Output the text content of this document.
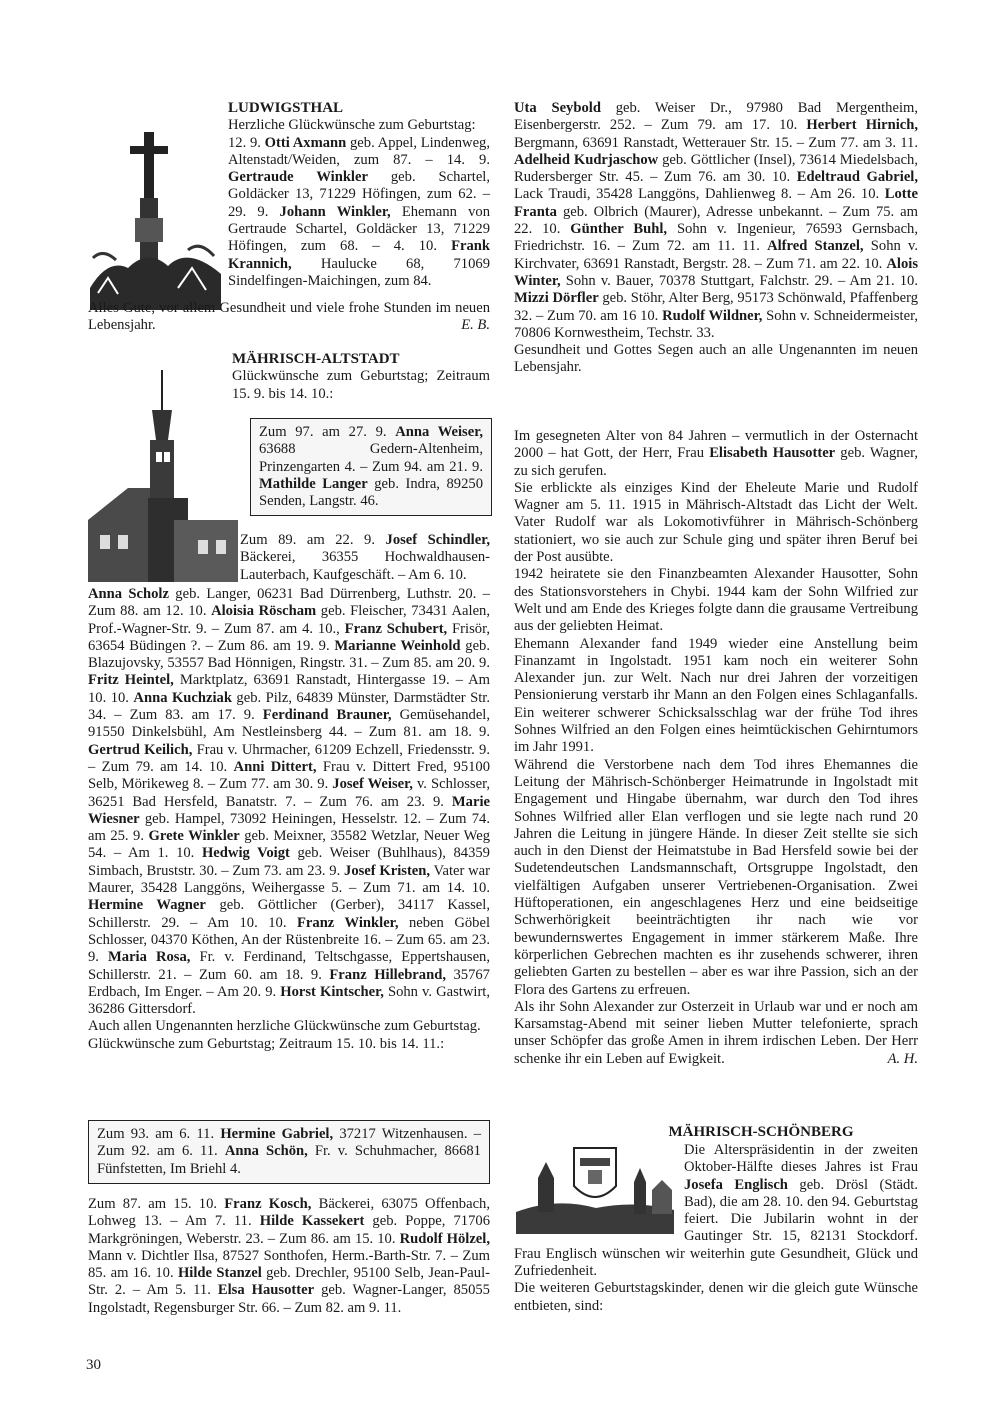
LUDWIGSTHAL

Herzliche Glückwünsche zum Geburtstag:

12. 9. Otti Axmann geb. Appel, Lindenweg, Altenstadt/Weiden, zum 87. – 14. 9. Gertraude Winkler geb. Schartel, Goldäcker 13, 71229 Höfingen, zum 62. – 29. 9. Johann Winkler, Ehemann von Gertraude Schartel, Goldäcker 13, 71229 Höfingen, zum 68. – 4. 10. Frank Krannich, Haulucke 68, 71069 Sindelfingen-Maichingen, zum 84.

Alles Gute, vor allem Gesundheit und viele frohe Stunden im neuen Lebensjahr.	E. B.

MÄHRISCH-ALTSTADT

Glückwünsche zum Geburtstag; Zeitraum 15. 9. bis 14. 10.:

Zum 97. am 27. 9. Anna Weiser, 63688 Gedern-Altenheim, Prinzengarten 4. – Zum 94. am 21. 9. Mathilde Langer geb. Indra, 89250 Senden, Langstr. 46.

Zum 89. am 22. 9. Josef Schindler, Bäckerei, 36355 Hochwaldhausen-Lauterbach, Kaufgeschäft. – Am 6. 10.

Anna Scholz geb. Langer, 06231 Bad Dürrenberg, Luthstr. 20. – Zum 88. am 12. 10. Aloisia Röscham geb. Fleischer, 73431 Aalen, Prof.-Wagner-Str. 9. – Zum 87. am 4. 10., Franz Schubert, Frisör, 63654 Büdingen ?. – Zum 86. am 19. 9. Marianne Weinhold geb. Blazujovsky, 53557 Bad Hönnigen, Ringstr. 31. – Zum 85. am 20. 9. Fritz Heintel, Marktplatz, 63691 Ranstadt, Hintergasse 19. – Am 10. 10. Anna Kuchziak geb. Pilz, 64839 Münster, Darmstädter Str. 34. – Zum 83. am 17. 9. Ferdinand Brauner, Gemüsehandel, 91550 Dinkelsbühl, Am Nestleinsberg 44. – Zum 81. am 18. 9. Gertrud Keilich, Frau v. Uhrmacher, 61209 Echzell, Friedensstr. 9. – Zum 79. am 14. 10. Anni Dittert, Frau v. Dittert Fred, 95100 Selb, Mörikeweg 8. – Zum 77. am 30. 9. Josef Weiser, v. Schlosser, 36251 Bad Hersfeld, Banatstr. 7. – Zum 76. am 23. 9. Marie Wiesner geb. Hampel, 73092 Heiningen, Hesselstr. 12. – Zum 74. am 25. 9. Grete Winkler geb. Meixner, 35582 Wetzlar, Neuer Weg 54. – Am 1. 10. Hedwig Voigt geb. Weiser (Buhlhaus), 84359 Simbach, Bruststr. 30. – Zum 73. am 23. 9. Josef Kristen, Vater war Maurer, 35428 Langgöns, Weihergasse 5. – Zum 71. am 14. 10. Hermine Wagner geb. Göttlicher (Gerber), 34117 Kassel, Schillerstr. 29. – Am 10. 10. Franz Winkler, neben Göbel Schlosser, 04370 Köthen, An der Rüstenbreite 16. – Zum 65. am 23. 9. Maria Rosa, Fr. v. Ferdinand, Teltschgasse, Eppertshausen, Schillerstr. 21. – Zum 60. am 18. 9. Franz Hillebrand, 35767 Erdbach, Im Enger. – Am 20. 9. Horst Kintscher, Sohn v. Gastwirt, 36286 Gittersdorf.

Auch allen Ungenannten herzliche Glückwünsche zum Geburtstag.

Glückwünsche zum Geburtstag; Zeitraum 15. 10. bis 14. 11.:

Zum 93. am 6. 11. Hermine Gabriel, 37217 Witzenhausen. – Zum 92. am 6. 11. Anna Schön, Fr. v. Schuhmacher, 86681 Fünfstetten, Im Briehl 4.

Zum 87. am 15. 10. Franz Kosch, Bäckerei, 63075 Offenbach, Lohweg 13. – Am 7. 11. Hilde Kassekert geb. Poppe, 71706 Markgröningen, Weberstr. 23. – Zum 86. am 15. 10. Rudolf Hölzel, Mann v. Dichtler Ilsa, 87527 Sonthofen, Herm.-Barth-Str. 7. – Zum 85. am 16. 10. Hilde Stanzel geb. Drechler, 95100 Selb, Jean-Paul-Str. 2. – Am 5. 11. Elsa Hausotter geb. Wagner-Langer, 85055 Ingolstadt, Regensburger Str. 66. – Zum 82. am 9. 11.

30

Uta Seybold geb. Weiser Dr., 97980 Bad Mergentheim, Eisenbergerstr. 252. – Zum 79. am 17. 10. Herbert Hirnich, Bergmann, 63691 Ranstadt, Wetterauer Str. 15. – Zum 77. am 3. 11. Adelheid Kudrjaschow geb. Göttlicher (Insel), 73614 Miedelsbach, Rudersberger Str. 45. – Zum 76. am 30. 10. Edeltraud Gabriel, Lack Traudi, 35428 Langgöns, Dahlienweg 8. – Am 26. 10. Lotte Franta geb. Olbrich (Maurer), Adresse unbekannt. – Zum 75. am 22. 10. Günther Buhl, Sohn v. Ingenieur, 76593 Gernsbach, Friedrichstr. 16. – Zum 72. am 11. 11. Alfred Stanzel, Sohn v. Kirchvater, 63691 Ranstadt, Bergstr. 28. – Zum 71. am 22. 10. Alois Winter, Sohn v. Bauer, 70378 Stuttgart, Falchstr. 29. – Am 21. 10. Mizzi Dörfler geb. Stöhr, Alter Berg, 95173 Schönwald, Pfaffenberg 32. – Zum 70. am 16 10. Rudolf Wildner, Sohn v. Schneidermeister, 70806 Kornwestheim, Techstr. 33.

Gesundheit und Gottes Segen auch an alle Ungenannten im neuen Lebensjahr.

Im gesegneten Alter von 84 Jahren – vermutlich in der Osternacht 2000 – hat Gott, der Herr, Frau Elisabeth Hausotter geb. Wagner, zu sich gerufen.

Sie erblickte als einziges Kind der Eheleute Marie und Rudolf Wagner am 5. 11. 1915 in Mährisch-Altstadt das Licht der Welt. Vater Rudolf war als Lokomotivführer in Mährisch-Schönberg stationiert, wo sie auch zur Schule ging und später ihren Beruf bei der Post ausübte.

1942 heiratete sie den Finanzbeamten Alexander Hausotter, Sohn des Stationsvorstehers in Chybi. 1944 kam der Sohn Wilfried zur Welt und am Ende des Krieges folgte dann die grausame Vertreibung aus der geliebten Heimat.

Ehemann Alexander fand 1949 wieder eine Anstellung beim Finanzamt in Ingolstadt. 1951 kam noch ein weiterer Sohn Alexander jun. zur Welt. Nach nur drei Jahren der vorzeitigen Pensionierung verstarb ihr Mann an den Folgen eines Schlaganfalls. Ein weiterer schwerer Schicksalsschlag war der frühe Tod ihres Sohnes Wilfried an den Folgen eines heimtückischen Gehirntumors im Jahr 1991.

Während die Verstorbene nach dem Tod ihres Ehemannes die Leitung der Mährisch-Schönberger Heimatrunde in Ingolstadt mit Engagement und Hingabe übernahm, war durch den Tod ihres Sohnes Wilfried aller Elan verflogen und sie legte nach rund 20 Jahren die Leitung in jüngere Hände. In dieser Zeit stellte sie sich auch in den Dienst der Heimatstube in Bad Hersfeld sowie bei der Sudetendeutschen Landsmannschaft, Ortsgruppe Ingolstadt, den vielfältigen Aufgaben unserer Vertriebenen-Organisation. Zwei Hüftoperationen, ein angeschlagenes Herz und eine beidseitige Schwerhörigkeit beeinträchtigten ihr nach wie vor bewundernswertes Engagement in immer stärkerem Maße. Ihre körperlichen Gebrechen machten es ihr zusehends schwerer, ihren geliebten Garten zu bestellen – aber es war ihre Passion, sich an der Flora des Gartens zu erfreuen.

Als ihr Sohn Alexander zur Osterzeit in Urlaub war und er noch am Karsamstag-Abend mit seiner lieben Mutter telefonierte, sprach unser Schöpfer das große Amen in ihrem irdischen Leben. Der Herr schenke ihr ein Leben auf Ewigkeit.	A. H.

MÄHRISCH-SCHÖNBERG

Die Alterspräsidentin in der zweiten Oktober-Hälfte dieses Jahres ist Frau Josefa Englisch geb. Drösl (Städt. Bad), die am 28. 10. den 94. Geburtstag feiert. Die Jubilarin wohnt in der Gautinger Str. 15, 82131 Stockdorf. Frau Englisch wünschen wir weiterhin gute Gesundheit, Glück und Zufriedenheit.

Die weiteren Geburtstagskinder, denen wir die gleich gute Wünsche entbieten, sind:
